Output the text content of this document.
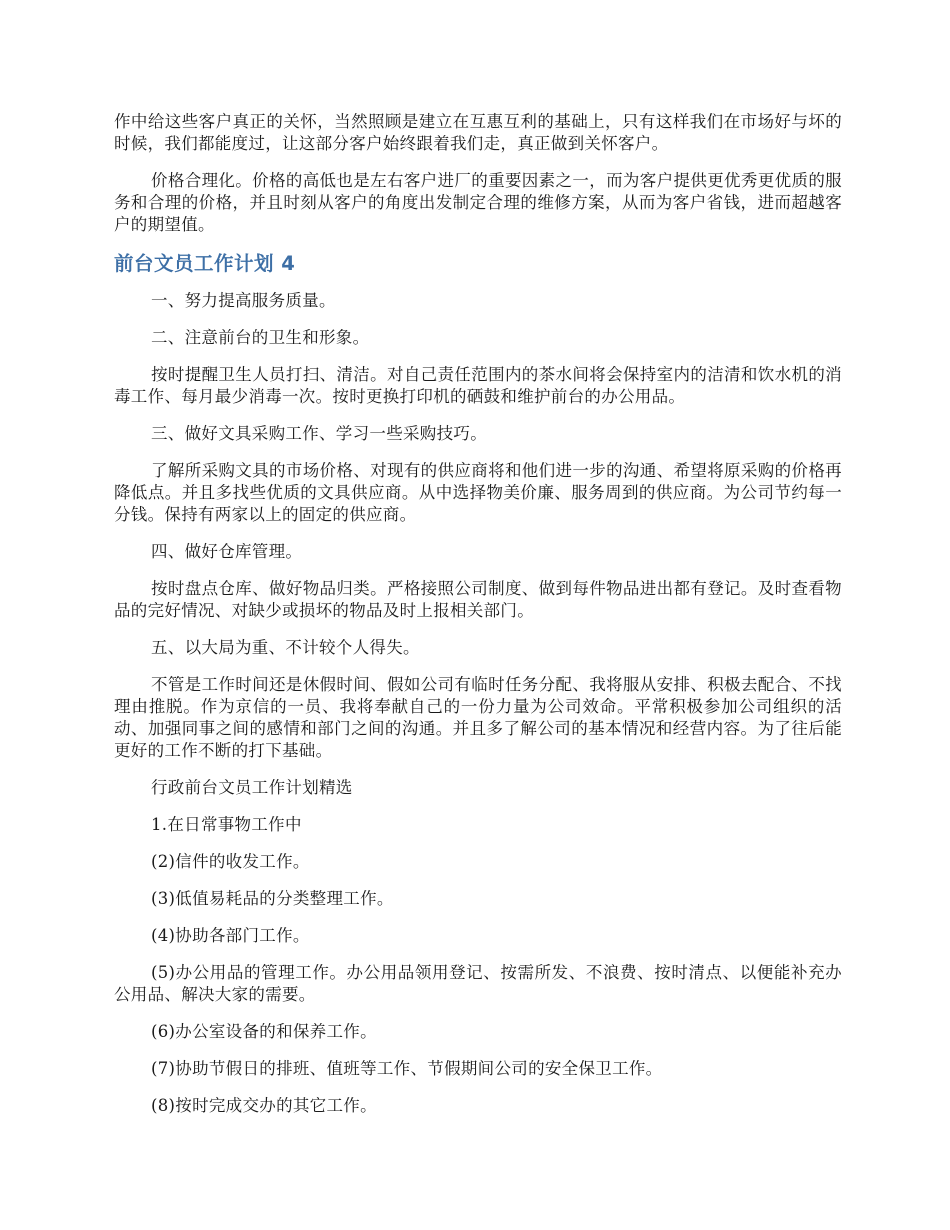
作中给这些客户真正的关怀，当然照顾是建立在互惠互利的基础上，只有这样我们在市场好与坏的时候，我们都能度过，让这部分客户始终跟着我们走，真正做到关怀客户。

价格合理化。价格的高低也是左右客户进厂的重要因素之一，而为客户提供更优秀更优质的服务和合理的价格，并且时刻从客户的角度出发制定合理的维修方案，从而为客户省钱，进而超越客户的期望值。

前台文员工作计划 4

一、努力提高服务质量。

二、注意前台的卫生和形象。

按时提醒卫生人员打扫、清洁。对自己责任范围内的茶水间将会保持室内的洁清和饮水机的消毒工作、每月最少消毒一次。按时更换打印机的硒鼓和维护前台的办公用品。

三、做好文具采购工作、学习一些采购技巧。

了解所采购文具的市场价格、对现有的供应商将和他们进一步的沟通、希望将原采购的价格再降低点。并且多找些优质的文具供应商。从中选择物美价廉、服务周到的供应商。为公司节约每一分钱。保持有两家以上的固定的供应商。

四、做好仓库管理。

按时盘点仓库、做好物品归类。严格接照公司制度、做到每件物品进出都有登记。及时查看物品的完好情况、对缺少或损坏的物品及时上报相关部门。

五、以大局为重、不计较个人得失。

不管是工作时间还是休假时间、假如公司有临时任务分配、我将服从安排、积极去配合、不找理由推脱。作为京信的一员、我将奉献自己的一份力量为公司效命。平常积极参加公司组织的活动、加强同事之间的感情和部门之间的沟通。并且多了解公司的基本情况和经营内容。为了往后能更好的工作不断的打下基础。

行政前台文员工作计划精选

1.在日常事物工作中

(2)信件的收发工作。

(3)低值易耗品的分类整理工作。

(4)协助各部门工作。

(5)办公用品的管理工作。办公用品领用登记、按需所发、不浪费、按时清点、以便能补充办公用品、解决大家的需要。

(6)办公室设备的和保养工作。

(7)协助节假日的排班、值班等工作、节假期间公司的安全保卫工作。

(8)按时完成交办的其它工作。
